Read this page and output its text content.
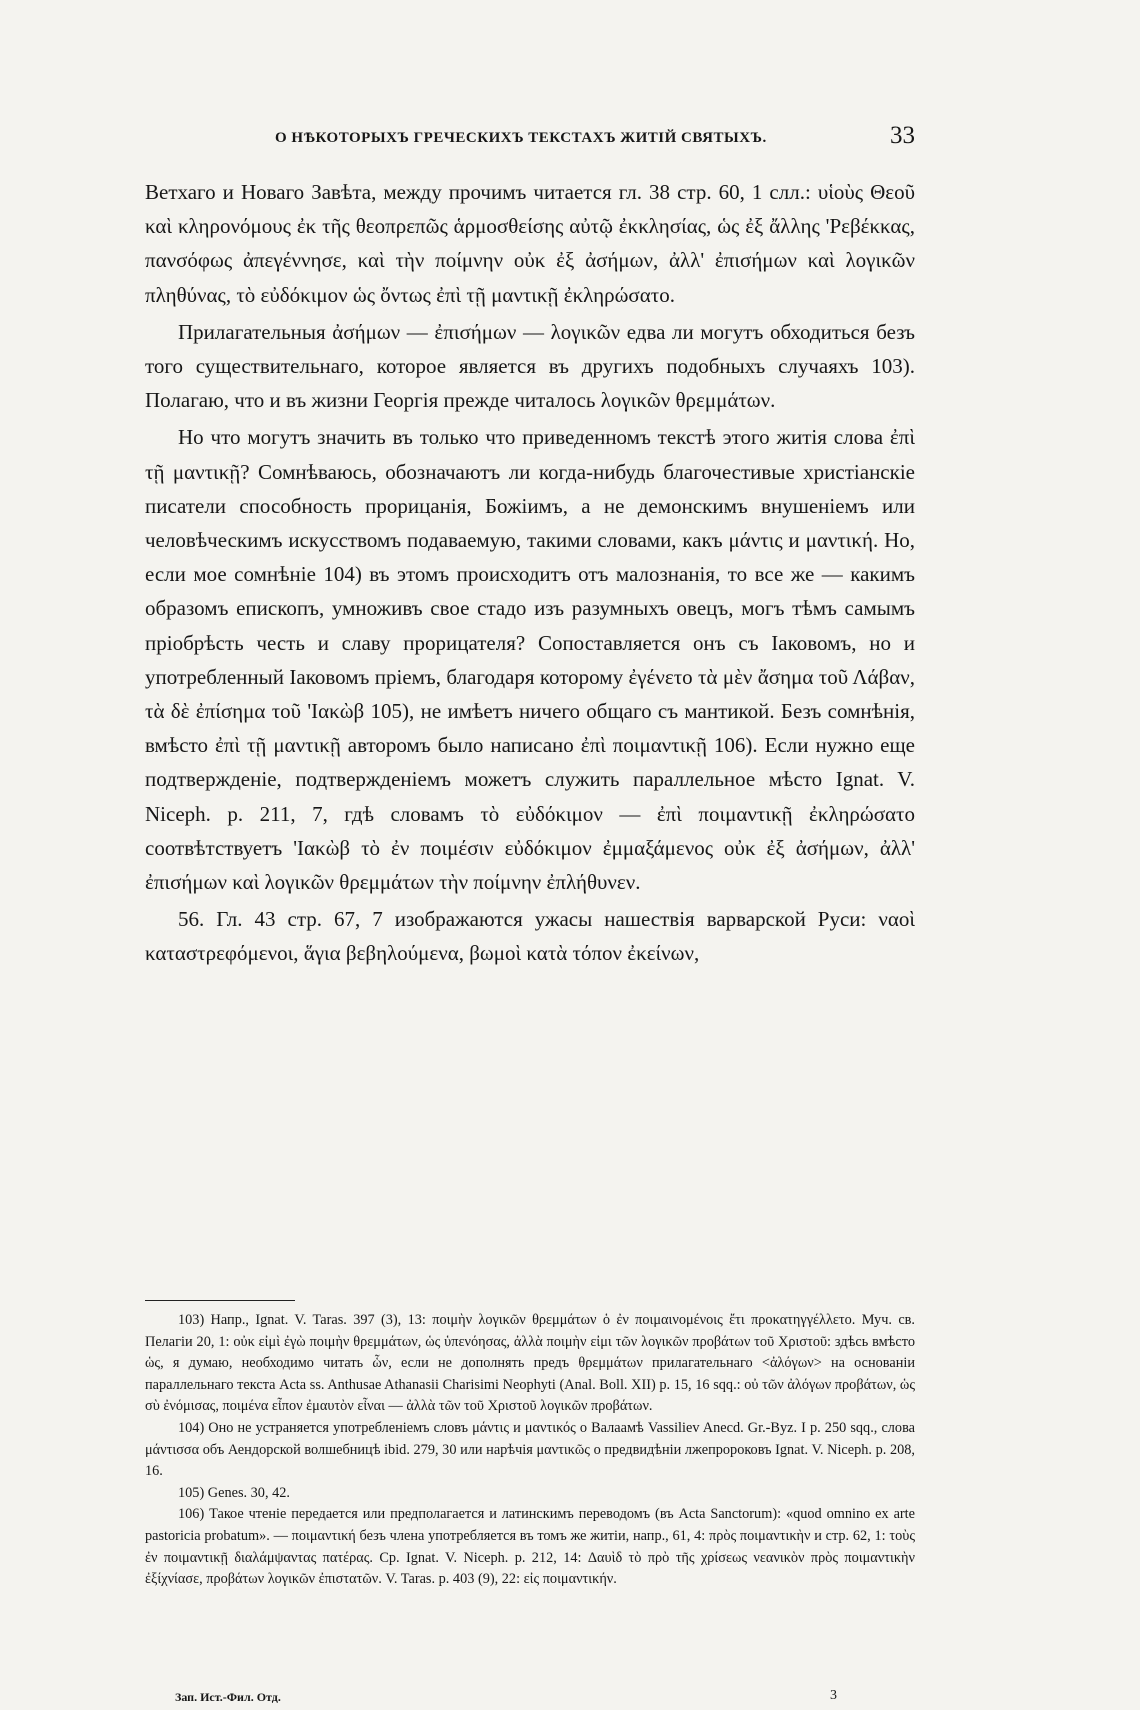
О НѢКОТОРЫХЪ ГРЕЧЕСКИХЪ ТЕКСТАХЪ ЖИТІЙ СВЯТЫХЪ.	33

Ветхаго и Новаго Завѣта, между прочимъ читается гл. 38 стр. 60, 1 слл.: υἱοὺς Θεοῦ καὶ κληρονόμους ἐκ τῆς θεοπρεπῶς ἁρμοσθείσης αὐτῷ ἐκκλησίας, ὡς ἐξ ἄλλης 'Ρεβέκκας, πανσόφως ἀπεγέννησε, καὶ τὴν ποίμνην οὐκ ἐξ ἀσήμων, ἀλλ' ἐπισήμων καὶ λογικῶν πληθύνας, τὸ εὐδόκιμον ὡς ὄντως ἐπὶ τῇ μαντικῇ ἐκληρώσατο.

Прилагательныя ἀσήμων — ἐπισήμων — λογικῶν едва ли могутъ обходиться безъ того существительнаго, которое является въ другихъ подобныхъ случаяхъ 103). Полагаю, что и въ жизни Георгія прежде читалось λογικῶν θρεμμάτων.

Но что могутъ значить въ только что приведенномъ текстѣ этого житія слова ἐπὶ τῇ μαντικῇ? Сомнѣваюсь, обозначаютъ ли когда-нибудь благочестивые христіанскіе писатели способность прорицанія, Божіимъ, а не демонскимъ внушеніемъ или человѣческимъ искусствомъ подаваемую, такими словами, какъ μάντις и μαντική. Но, если мое сомнѣніе 104) въ этомъ происходитъ отъ малознанія, то все же — какимъ образомъ епископъ, умноживъ свое стадо изъ разумныхъ овецъ, могъ тѣмъ самымъ пріобрѣсть честь и славу прорицателя? Сопоставляется онъ съ Іаковомъ, но и употребленный Іаковомъ пріемъ, благодаря которому ἐγένετο τὰ μὲν ἄσημα τοῦ Λάβαν, τὰ δὲ ἐπίσημα τοῦ 'Ιακὼβ 105), не имѣетъ ничего общаго съ мантикой. Безъ сомнѣнія, вмѣсто ἐπὶ τῇ μαντικῇ авторомъ было написано ἐπὶ ποιμαντικῇ 106). Если нужно еще подтвержденіе, подтвержденіемъ можетъ служить параллельное мѣсто Ignat. V. Niceph. p. 211, 7, гдѣ словамъ τὸ εὐδόκιμον — ἐπὶ ποιμαντικῇ ἐκληρώσατο соотвѣтствуетъ 'Ιακὼβ τὸ ἐν ποιμέσιν εὐδόκιμον ἐμμαξάμενος οὐκ ἐξ ἀσήμων, ἀλλ' ἐπισήμων καὶ λογικῶν θρεμμάτων τὴν ποίμνην ἐπλήθυνεν.

56. Гл. 43 стр. 67, 7 изображаются ужасы нашествія варварской Руси: ναοὶ καταστρεφόμενοι, ἅγια βεβηλούμενα, βωμοὶ κατὰ τόπον ἐκείνων,

103) Напр., Ignat. V. Taras. 397 (3), 13: ποιμὴν λογικῶν θρεμμάτων ὁ ἐν ποιμαινομένοις ἔτι προκατηγγέλλετο. Муч. св. Пелагіи 20, 1: οὐκ εἰμὶ ἐγὼ ποιμὴν θρεμμάτων, ὡς ὑπενόησας, ἀλλὰ ποιμὴν εἰμι τῶν λογικῶν προβάτων τοῦ Χριστοῦ: здѣсь вмѣсто ὡς, я думаю, необходимо читать ὧν, если не дополнять предъ θρεμμάτων прилагательнаго <ἀλόγων> на основаніи параллельнаго текста Acta ss. Anthusae Athanasii Charisimi Neophyti (Anal. Boll. XII) p. 15, 16 sqq.: οὐ τῶν ἀλόγων προβάτων, ὡς σὺ ἐνόμισας, ποιμένα εἶπον ἐμαυτὸν εἶναι — ἀλλὰ τῶν τοῦ Χριστοῦ λογικῶν προβάτων.

104) Оно не устраняется употребленіемъ словъ μάντις и μαντικός о Валаамѣ Vassiliev Anecd. Gr.-Byz. I p. 250 sqq., слова μάντισσα объ Аендорской волшебницѣ ibid. 279, 30 или нарѣчія μαντικῶς о предвидѣніи лжепророковъ Ignat. V. Niceph. p. 208, 16.

105) Genes. 30, 42.

106) Такое чтеніе передается или предполагается и латинскимъ переводомъ (въ Acta Sanctorum): «quod omnino ex arte pastoricia probatum». — ποιμαντική безъ члена употребляется въ томъ же житіи, напр., 61, 4: πρὸς ποιμαντικὴν и стр. 62, 1: τοὺς ἐν ποιμαντικῇ διαλάμψαντας πατέρας. Ср. Ignat. V. Niceph. p. 212, 14: Δαυὶδ τὸ πρὸ τῆς χρίσεως νεανικὸν πρὸς ποιμαντικὴν ἐξίχνίασε, προβάτων λογικῶν ἐπιστατῶν. V. Taras. p. 403 (9), 22: εἰς ποιμαντικήν.

Зап. Ист.-Фил. Отд.	3
